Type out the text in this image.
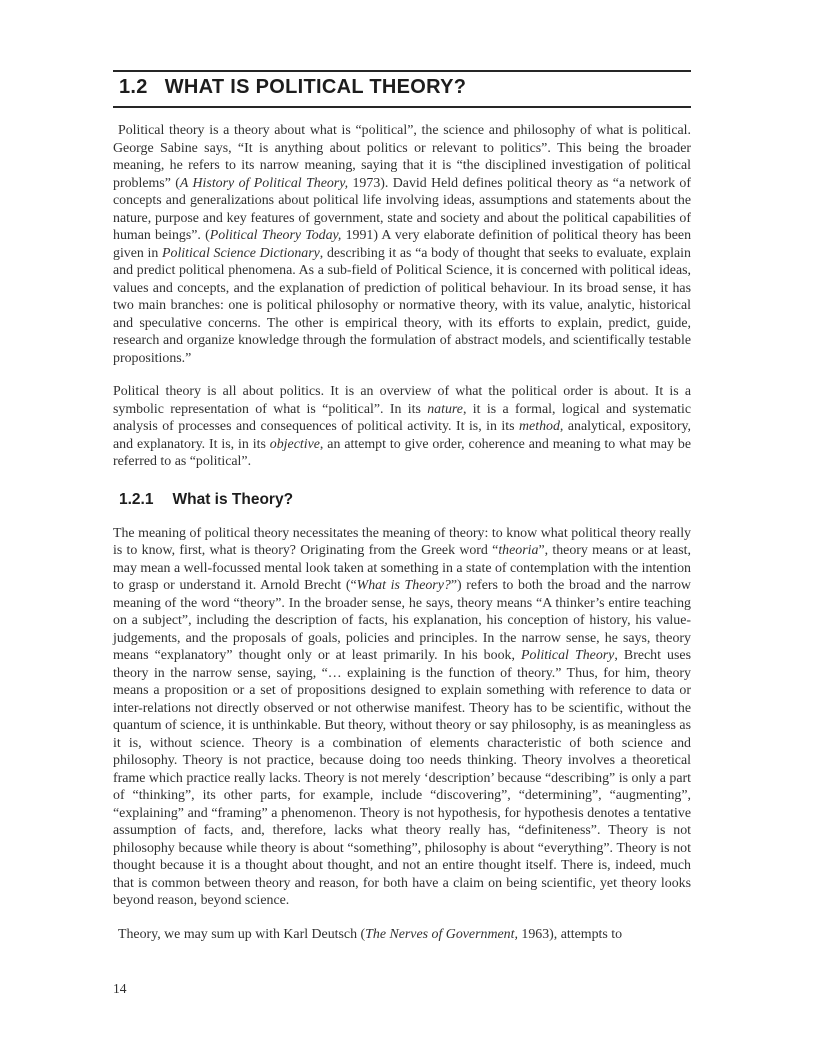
1.2 WHAT IS POLITICAL THEORY?

Political theory is a theory about what is “political”, the science and philosophy of what is political. George Sabine says, “It is anything about politics or relevant to politics”. This being the broader meaning, he refers to its narrow meaning, saying that it is “the disciplined investigation of political problems” (A History of Political Theory, 1973). David Held defines political theory as “a network of concepts and generalizations about political life involving ideas, assumptions and statements about the nature, purpose and key features of government, state and society and about the political capabilities of human beings”. (Political Theory Today, 1991) A very elaborate definition of political theory has been given in Political Science Dictionary, describing it as “a body of thought that seeks to evaluate, explain and predict political phenomena. As a sub-field of Political Science, it is concerned with political ideas, values and concepts, and the explanation of prediction of political behaviour. In its broad sense, it has two main branches: one is political philosophy or normative theory, with its value, analytic, historical and speculative concerns. The other is empirical theory, with its efforts to explain, predict, guide, research and organize knowledge through the formulation of abstract models, and scientifically testable propositions.”

Political theory is all about politics. It is an overview of what the political order is about. It is a symbolic representation of what is “political”. In its nature, it is a formal, logical and systematic analysis of processes and consequences of political activity. It is, in its method, analytical, expository, and explanatory. It is, in its objective, an attempt to give order, coherence and meaning to what may be referred to as “political”.

1.2.1 What is Theory?

The meaning of political theory necessitates the meaning of theory: to know what political theory really is to know, first, what is theory? Originating from the Greek word “theoria”, theory means or at least, may mean a well-focussed mental look taken at something in a state of contemplation with the intention to grasp or understand it. Arnold Brecht (“What is Theory?”) refers to both the broad and the narrow meaning of the word “theory”. In the broader sense, he says, theory means “A thinker’s entire teaching on a subject”, including the description of facts, his explanation, his conception of history, his value-judgements, and the proposals of goals, policies and principles. In the narrow sense, he says, theory means “explanatory” thought only or at least primarily. In his book, Political Theory, Brecht uses theory in the narrow sense, saying, “… explaining is the function of theory.” Thus, for him, theory means a proposition or a set of propositions designed to explain something with reference to data or inter-relations not directly observed or not otherwise manifest. Theory has to be scientific, without the quantum of science, it is unthinkable. But theory, without theory or say philosophy, is as meaningless as it is, without science. Theory is a combination of elements characteristic of both science and philosophy. Theory is not practice, because doing too needs thinking. Theory involves a theoretical frame which practice really lacks. Theory is not merely ‘description’ because “describing” is only a part of “thinking”, its other parts, for example, include “discovering”, “determining”, “augmenting”, “explaining” and “framing” a phenomenon. Theory is not hypothesis, for hypothesis denotes a tentative assumption of facts, and, therefore, lacks what theory really has, “definiteness”. Theory is not philosophy because while theory is about “something”, philosophy is about “everything”. Theory is not thought because it is a thought about thought, and not an entire thought itself. There is, indeed, much that is common between theory and reason, for both have a claim on being scientific, yet theory looks beyond reason, beyond science.

Theory, we may sum up with Karl Deutsch (The Nerves of Government, 1963), attempts to

14
